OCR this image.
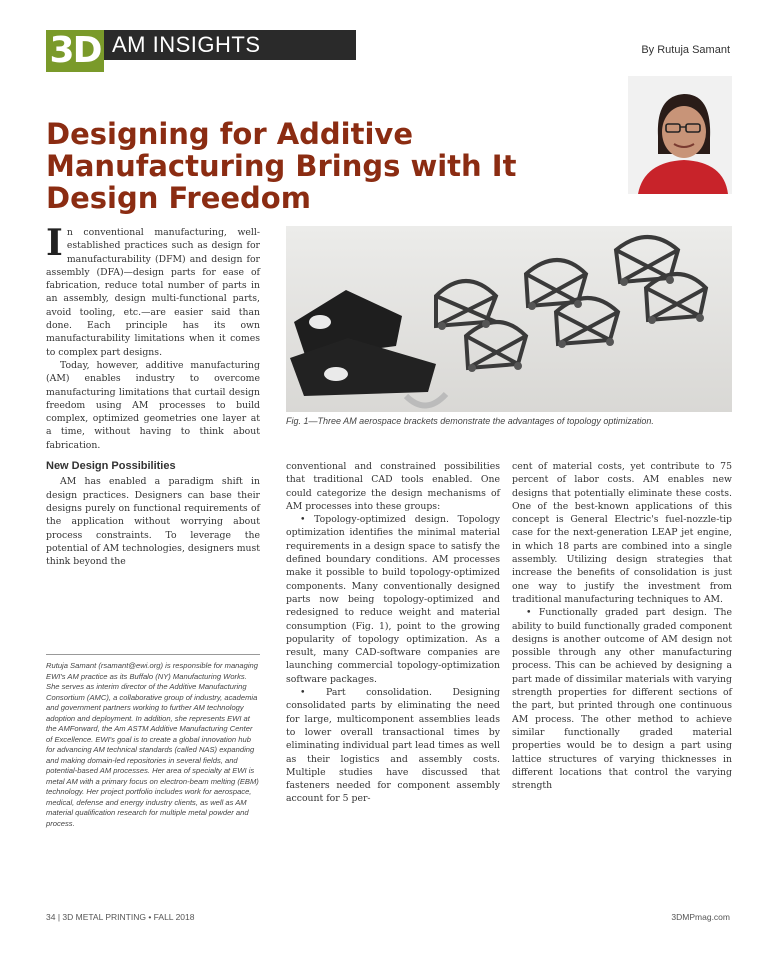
3D AM INSIGHTS	By Rutuja Samant
Designing for Additive Manufacturing Brings with It Design Freedom

In conventional manufacturing, well-established practices such as design for manufacturability (DFM) and design for assembly (DFA)—design parts for ease of fabrication, reduce total number of parts in an assembly, design multi-functional parts, avoid tooling, etc.—are easier said than done. Each principle has its own manufacturability limitations when it comes to complex part designs.

Today, however, additive manufacturing (AM) enables industry to overcome manufacturing limitations that curtail design freedom using AM processes to build complex, optimized geometries one layer at a time, without having to think about fabrication.

New Design Possibilities

AM has enabled a paradigm shift in design practices. Designers can base their designs purely on functional requirements of the application without worrying about process constraints. To leverage the potential of AM technologies, designers must think beyond the

Fig. 1—Three AM aerospace brackets demonstrate the advantages of topology optimization.

conventional and constrained possibilities that traditional CAD tools enabled. One could categorize the design mechanisms of AM processes into these groups:

• Topology-optimized design. Topology optimization identifies the minimal material requirements in a design space to satisfy the defined boundary conditions. AM processes make it possible to build topology-optimized components. Many conventionally designed parts now being topology-optimized and redesigned to reduce weight and material consumption (Fig. 1), point to the growing popularity of topology optimization. As a result, many CAD-software companies are launching commercial topology-optimization software packages.

• Part consolidation. Designing consolidated parts by eliminating the need for large, multicomponent assemblies leads to lower overall transactional times by eliminating individual part lead times as well as their logistics and assembly costs. Multiple studies have discussed that fasteners needed for component assembly account for 5 per-

cent of material costs, yet contribute to 75 percent of labor costs. AM enables new designs that potentially eliminate these costs. One of the best-known applications of this concept is General Electric's fuel-nozzle-tip case for the next-generation LEAP jet engine, in which 18 parts are combined into a single assembly. Utilizing design strategies that increase the benefits of consolidation is just one way to justify the investment from traditional manufacturing techniques to AM.

• Functionally graded part design. The ability to build functionally graded component designs is another outcome of AM design not possible through any other manufacturing process. This can be achieved by designing a part made of dissimilar materials with varying strength properties for different sections of the part, but printed through one continuous AM process. The other method to achieve similar functionally graded material properties would be to design a part using lattice structures of varying thicknesses in different locations that control the varying strength

Rutuja Samant (rsamant@ewi.org) is responsible for managing EWI's AM practice as its Buffalo (NY) Manufacturing Works. She serves as interim director of the Additive Manufacturing Consortium (AMC), a collaborative group of industry, academia and government partners working to further AM technology adoption and deployment. In addition, she represents EWI at the AMForward, the Am ASTM Additive Manufacturing Center of Excellence. EWI's goal is to create a global innovation hub for advancing AM technical standards (called NAS) expanding and making domain-led repositories in several fields, and potential-based AM processes. Her area of specialty at EWI is metal AM with a primary focus on electron-beam melting (EBM) technology. Her project portfolio includes work for aerospace, medical, defense and energy industry clients, as well as AM material qualification research for multiple metal powder and process.
34 | 3D METAL PRINTING • FALL 2018	3DMPmag.com
